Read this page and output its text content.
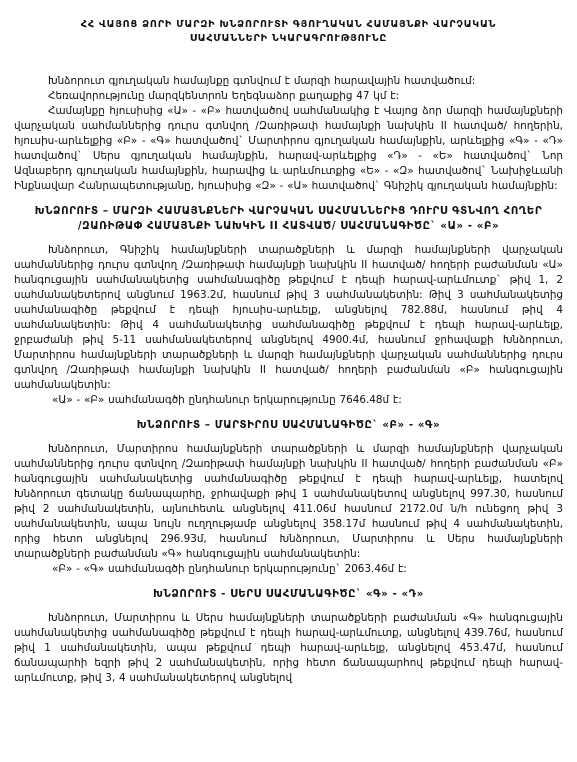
ՀՀ ՎԱՅՈՑ ՁՈՐԻ ՄԱՐԶԻ ԽՆՁՈՐՈՒՏԻ ԳՅՈՒՂԱԿԱՆ ՀԱՄԱՅՆՔԻ ՎԱՐՉԱԿԱՆ
ՍԱՀՄԱՆՆԵՐԻ ՆԿԱՐԱԳՐՈՒԹՅՈՒՆԸ

Խնձորուտ գյուղական համայնքը գտնվում է մարզի հարավային հատվածում:

Հեռավորությունը մարզկենտրոն Եղեգնաձոր քաղաքից 47 կմ է:

Համայնքը հյուսիսից «Ա» - «Բ» հատվածով սահմանակից է Վայոց ձոր մարզի համայնքների վարչական սահմաններից դուրս գտնվող /Զառիթափ համայնքի նախկին II հատված/ հողերին, հյուսիս-արևելքից «Բ» - «Գ» հատվածով` Մարտիրոս գյուղական համայնքին, արևելքից «Գ» - «Դ» հատվածով` Սերս գյուղական համայնքին, հարավ-արևելքից «Դ» - «Ե» հատվածով` Նոր Ազնաբերդ գյուղական համայնքին, հարավից և արևմուտքից «Ե» - «Զ» հատվածով` Նախիջևանի Ինքնավար Հանրապետությանը, հյուսիսից «Զ» - «Ա» հատվածով` Գնիշիկ գյուղական համայնքին:

ԽՆՁՈՐՈՒՏ – ՄԱՐԶԻ ՀԱՄԱՅՆՔՆԵՐԻ ՎԱՐՉԱԿԱՆ ՍԱՀՄԱՆՆԵՐԻՑ ԴՈՒՐՍ ԳՏՆՎՈՂ ՀՈՂԵՐ
/ԶԱՌԻԹԱՓ ՀԱՄԱՅՆՔԻ ՆԱԽԿԻՆ II ՀԱՏՎԱԾ/ ՍԱՀՄԱՆԱԳԻԾԸ` «Ա» - «Բ»

Խնձորուտ, Գնիշիկ համայնքների տարածքների և մարզի համայնքների վարչական սահմաններից դուրս գտնվող /Զառիթափ համայնքի նախկին II հատված/ հողերի բաժանման «Ա» հանգուցային սահմանակետից սահմանագիծը թեքվում է դեպի հարավ-արևմուտք` թիվ 1, 2 սահմանակետերով անցնում 1963.2մ, հասնում թիվ 3 սահմանակետին: Թիվ 3 սահմանակետից սահմանագիծը թեքվում է դեպի հյուսիս-արևելք, անցնելով 782.88մ, հասնում թիվ 4 սահմանակետին: Թիվ 4 սահմանակետից սահմանագիծը թեքվում է դեպի հարավ-արևելք, ջրբաժանի թիվ 5-11 սահմանակետերով անցնելով 4900.4մ, հասնում ջրհավաքի Խնձորուտ, Մարտիրոս համայնքների տարածքների և մարզի համայնքների վարչական սահմաններից դուրս գտնվող /Զառիթափ համայնքի նախկին II հատված/ հողերի բաժանման «Բ» հանգուցային սահմանակետին:

«Ա» - «Բ» սահմանագծի ընդհանուր երկարությունը 7646.48մ է:

ԽՆՁՈՐՈՒՏ – ՄԱՐՏԻՐՈՍ ՍԱՀՄԱՆԱԳԻԾԸ` «Բ» - «Գ»

Խնձորուտ, Մարտիրոս համայնքների տարածքների և մարզի համայնքների վարչական սահմաններից դուրս գտնվող /Զառիթափ համայնքի նախկին II հատված/ հողերի բաժանման «Բ» հանգուցային սահմանակետից սահմանագիծը թեքվում է դեպի հարավ-արևելք, հատելով Խնձորուտ գետակը ճանապարհը, ջրհավաքի թիվ 1 սահմանակետով անցնելով 997.30, հասնում թիվ 2 սահմանակետին, այնուհետև անցնելով 411.06մ հասնում 2172.0մ ն/հ ունեցող թիվ 3 սահմանակետին, ապա նույն ուղղությամբ անցնելով 358.17մ հասնում թիվ 4 սահմանակետին, որից հետո անցնելով 296.93մ, հասնում Խնձորուտ, Մարտիրոս և Սերս համայնքների տարածքների բաժանման «Գ» հանգուցային սահմանակետին:

«Բ» - «Գ» սահմանագծի ընդհանուր երկարությունը` 2063.46մ է:

ԽՆՁՈՐՈՒՏ - ՍԵՐՍ ՍԱՀՄԱՆԱԳԻԾԸ` «Գ» - «Դ»

Խնձորուտ, Մարտիրոս և Սերս համայնքների տարածքների բաժանման «Գ» հանգուցային սահմանակետից սահմանագիծը թեքվում է դեպի հարավ-արևմուտք, անցնելով 439.76մ, հասնում թիվ 1 սահմանակետին, ապա թեքվում դեպի հարավ-արևելք, անցնելով 453.47մ, հասնում ճանապարհի եզրի թիվ 2 սահմանակետին, որից հետո ճանապարհով թեքվում դեպի հարավ-արևմուտք, թիվ 3, 4 սահմանակետերով անցնելով
